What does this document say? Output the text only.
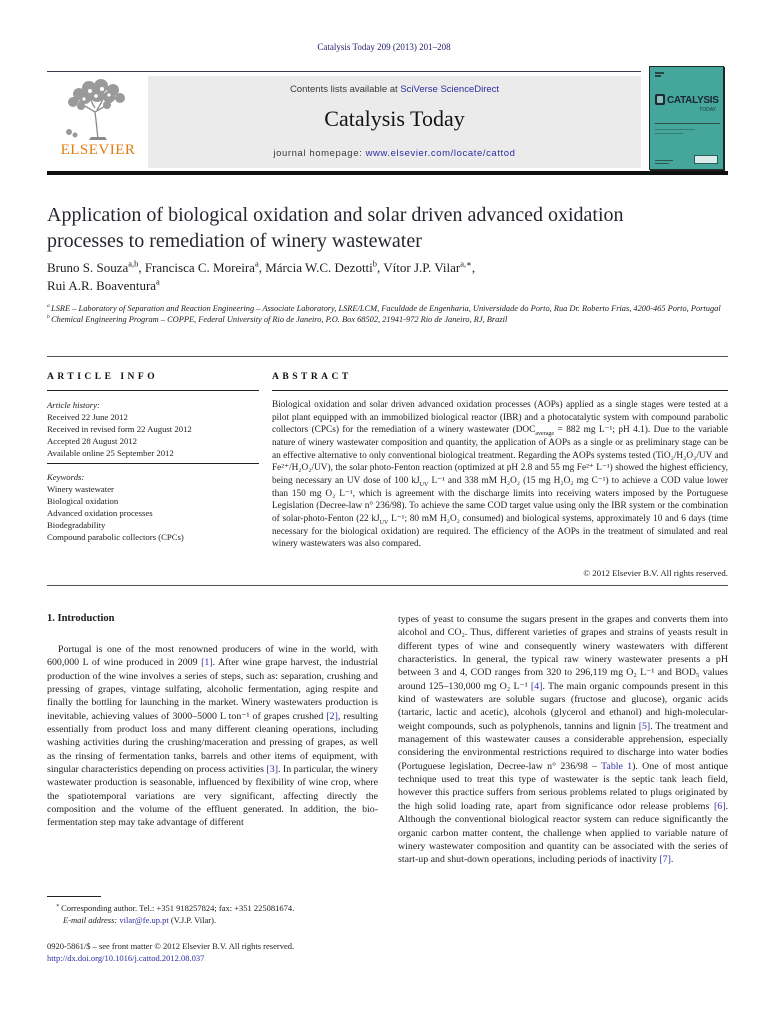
Catalysis Today 209 (2013) 201–208
ELSEVIER
Contents lists available at SciVerse ScienceDirect
Catalysis Today
journal homepage: www.elsevier.com/locate/cattod
CATALYSIS
TODAY
Application of biological oxidation and solar driven advanced oxidation
processes to remediation of winery wastewater
Bruno S. Souza$^{a,b}$, Francisca C. Moreira$^a$, Márcia W.C. Dezotti$^b$, Vítor J.P. Vilar$^{a,∗}$,
Rui A.R. Boaventura$^a$
$^a$ LSRE – Laboratory of Separation and Reaction Engineering – Associate Laboratory, LSRE/LCM, Faculdade de Engenharia, Universidade do Porto, Rua Dr. Roberto Frias, 4200-465 Porto, Portugal
$^b$ Chemical Engineering Program – COPPE, Federal University of Rio de Janeiro, P.O. Box 68502, 21941-972 Rio de Janeiro, RJ, Brazil
ARTICLE INFO
Article history:
Received 22 June 2012
Received in revised form 22 August 2012
Accepted 28 August 2012
Available online 25 September 2012
Keywords:
Winery wastewater
Biological oxidation
Advanced oxidation processes
Biodegradability
Compound parabolic collectors (CPCs)
ABSTRACT
Biological oxidation and solar driven advanced oxidation processes (AOPs) applied as a single stages were tested at a pilot plant equipped with an immobilized biological reactor (IBR) and a photocatalytic system with compound parabolic collectors (CPCs) for the remediation of a winery wastewater ($DOC_{average} = 882$ mg L⁻¹; pH 4.1). Due to the variable nature of winery wastewater composition and quantity, the application of AOPs as a single or as preliminary stage can be an effective alternative to only conventional biological treatment. Regarding the AOPs systems tested (TiO₂/H₂O₂/UV and Fe²⁺/H₂O₂/UV), the solar photo-Fenton reaction (optimized at pH 2.8 and 55 mg Fe²⁺ L⁻¹) showed the highest efficiency, being necessary an UV dose of 100 $kJ_{UV}$ L⁻¹ and 338 mM H₂O₂ (15 mg H₂O₂ mg C⁻¹) to achieve a COD value lower than 150 mg O₂ L⁻¹, which is agreement with the discharge limits into receiving waters imposed by the Portuguese Legislation (Decree-law n° 236/98). To achieve the same COD target value using only the IBR system or the combination of solar-photo-Fenton (22 $kJ_{UV}$ L⁻¹; 80 mM H₂O₂ consumed) and biological systems, approximately 10 and 6 days (time necessary for the biological oxidation) are required. The efficiency of the AOPs in the treatment of simulated and real winery wastewaters was also compared.
© 2012 Elsevier B.V. All rights reserved.
1. Introduction
Portugal is one of the most renowned producers of wine in the world, with 600,000 L of wine produced in 2009 [1]. After wine grape harvest, the industrial production of the wine involves a series of steps, such as: separation, crushing and pressing of grapes, vintage sulfating, alcoholic fermentation, aging respite and finally the bottling for launching in the market. Winery wastewaters production is inevitable, achieving values of 3000–5000 L ton⁻¹ of grapes crushed [2], resulting essentially from product loss and many different cleaning operations, including washing activities during the crushing/maceration and pressing of grapes, as well as the rinsing of fermentation tanks, barrels and other items of equipment, with singular characteristics depending on process activities [3]. In particular, the winery wastewater production is seasonable, influenced by flexibility of wine crop, where the spatiotemporal variations are very significant, affecting directly the composition and the volume of the effluent generated. In addition, the bio-fermentation step may take advantage of different
types of yeast to consume the sugars present in the grapes and converts them into alcohol and CO₂. Thus, different varieties of grapes and strains of yeasts result in different types of wine and consequently winery wastewaters with different characteristics. In general, the typical raw winery wastewater presents a pH between 3 and 4, COD ranges from 320 to 296,119 mg O₂ L⁻¹ and BOD₅ values around 125–130,000 mg O₂ L⁻¹ [4]. The main organic compounds present in this kind of wastewaters are soluble sugars (fructose and glucose), organic acids (tartaric, lactic and acetic), alcohols (glycerol and ethanol) and high-molecular-weight compounds, such as polyphenols, tannins and lignin [5]. The treatment and management of this wastewater causes a considerable apprehension, especially considering the environmental restrictions required to discharge into water bodies (Portuguese legislation, Decree-law n° 236/98 – Table 1). One of most antique technique used to treat this type of wastewater is the septic tank leach field, however this practice suffers from serious problems related to plugs originated by the high solid loading rate, apart from significance odor release problems [6]. Although the conventional biological reactor system can reduce significantly the organic carbon matter content, the challenge when applied to variable nature of winery wastewater composition and quantity can be associated with the series of start-up and shut-down operations, including periods of inactivity [7].
∗ Corresponding author. Tel.: +351 918257824; fax: +351 225081674.
E-mail address: vilar@fe.up.pt (V.J.P. Vilar).
0920-5861/$ – see front matter © 2012 Elsevier B.V. All rights reserved.
http://dx.doi.org/10.1016/j.cattod.2012.08.037
